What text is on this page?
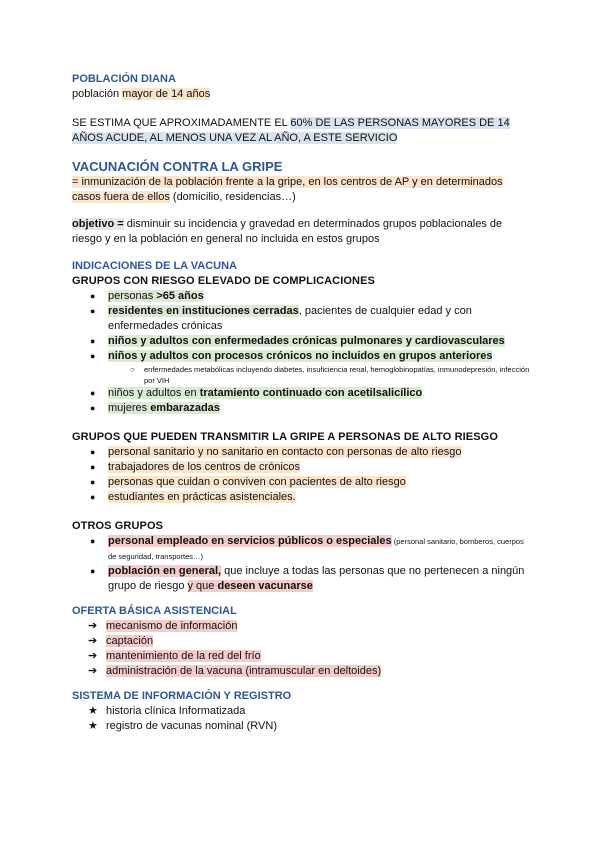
POBLACIÓN DIANA

población mayor de 14 años

SE ESTIMA QUE APROXIMADAMENTE EL 60% DE LAS PERSONAS MAYORES DE 14 AÑOS ACUDE, AL MENOS UNA VEZ AL AÑO, A ESTE SERVICIO

VACUNACIÓN CONTRA LA GRIPE

= inmunización de la población frente a la gripe, en los centros de AP y en determinados casos fuera de ellos (domicilio, residencias…)

objetivo = disminuir su incidencia y gravedad en determinados grupos poblacionales de riesgo y en la población en general no incluida en estos grupos

INDICACIONES DE LA VACUNA

GRUPOS CON RIESGO ELEVADO DE COMPLICACIONES

● personas >65 años
● residentes en instituciones cerradas, pacientes de cualquier edad y con enfermedades crónicas
● niños y adultos con enfermedades crónicas pulmonares y cardiovasculares
● niños y adultos con procesos crónicos no incluidos en grupos anteriores
○ enfermedades metabólicas incluyendo diabetes, insuficiencia renal, hemoglobinopatías, inmunodepresión, infección por VIH
● niños y adultos en tratamiento continuado con acetilsalicílico
● mujeres embarazadas

GRUPOS QUE PUEDEN TRANSMITIR LA GRIPE A PERSONAS DE ALTO RIESGO

● personal sanitario y no sanitario en contacto con personas de alto riesgo
● trabajadores de los centros de crónicos
● personas que cuidan o conviven con pacientes de alto riesgo
● estudiantes en prácticas asistenciales.

OTROS GRUPOS

● personal empleado en servicios públicos o especiales (personal sanitario, bomberos, cuerpos de seguridad, transportes…)
● población en general, que incluye a todas las personas que no pertenecen a ningún grupo de riesgo y que deseen vacunarse

OFERTA BÁSICA ASISTENCIAL

➔ mecanismo de información
➔ captación
➔ mantenimiento de la red del frío
➔ administración de la vacuna (intramuscular en deltoides)

SISTEMA DE INFORMACIÓN Y REGISTRO

★ historia clínica Informatizada
★ registro de vacunas nominal (RVN)
